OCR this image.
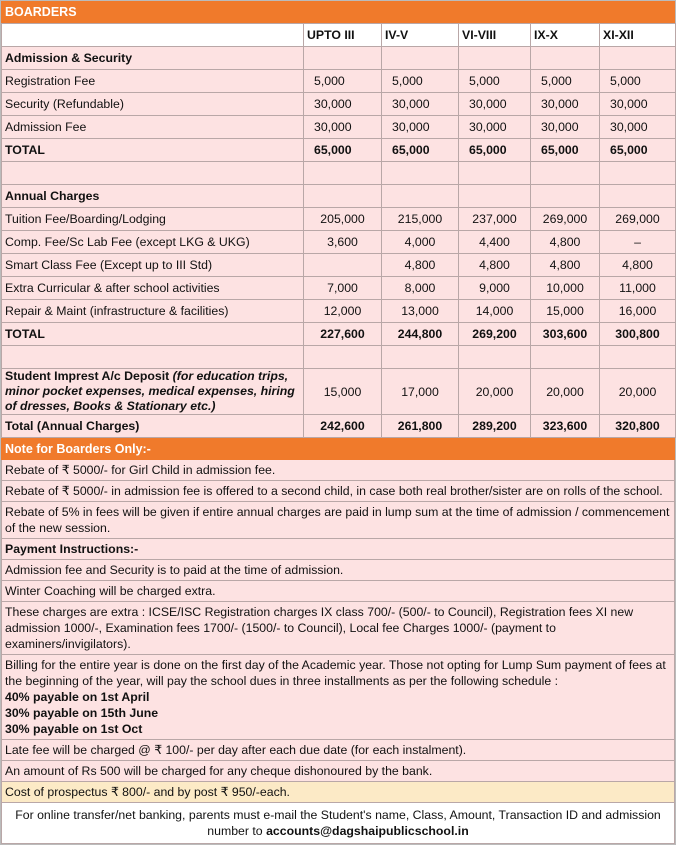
BOARDERS
	UPTO III	IV-V	VI-VIII	IX-X	XI-XII
Admission & Security					
Registration Fee	5,000	5,000	5,000	5,000	5,000
Security (Refundable)	30,000	30,000	30,000	30,000	30,000
Admission Fee	30,000	30,000	30,000	30,000	30,000
TOTAL	65,000	65,000	65,000	65,000	65,000

Annual Charges					
Tuition Fee/Boarding/Lodging	205,000	215,000	237,000	269,000	269,000
Comp. Fee/Sc Lab Fee (except LKG & UKG)	3,600	4,000	4,400	4,800	–
Smart Class Fee (Except up to III Std)		4,800	4,800	4,800	4,800
Extra Curricular & after school activities	7,000	8,000	9,000	10,000	11,000
Repair & Maint (infrastructure & facilities)	12,000	13,000	14,000	15,000	16,000
TOTAL	227,600	244,800	269,200	303,600	300,800

Student Imprest A/c Deposit (for education trips, minor pocket expenses, medical expenses, hiring of dresses, Books & Stationary etc.)	15,000	17,000	20,000	20,000	20,000
Total (Annual Charges)	242,600	261,800	289,200	323,600	320,800
Note for Boarders Only:-
Rebate of ₹ 5000/- for Girl Child in admission fee.
Rebate of ₹ 5000/- in admission fee is offered to a second child, in case both real brother/sister are on rolls of the school.
Rebate of 5% in fees will be given if entire annual charges are paid in lump sum at the time of admission / commencement of the new session.
Payment Instructions:-
Admission fee and Security is to paid at the time of admission.
Winter Coaching will be charged extra.
These charges are extra : ICSE/ISC Registration charges IX class 700/- (500/- to Council), Registration fees XI new admission 1000/-, Examination fees 1700/- (1500/- to Council), Local fee Charges 1000/- (payment to examiners/invigilators).
Billing for the entire year is done on the first day of the Academic year. Those not opting for Lump Sum payment of fees at the beginning of the year, will pay the school dues in three installments as per the following schedule :
40% payable on 1st April
30% payable on 15th June
30% payable on 1st Oct
Late fee will be charged @ ₹ 100/- per day after each due date (for each instalment).
An amount of Rs 500 will be charged for any cheque dishonoured by the bank.
Cost of prospectus ₹ 800/- and by post ₹ 950/-each.
For online transfer/net banking, parents must e-mail the Student's name, Class, Amount, Transaction ID and admission number to accounts@dagshaipublicschool.in
